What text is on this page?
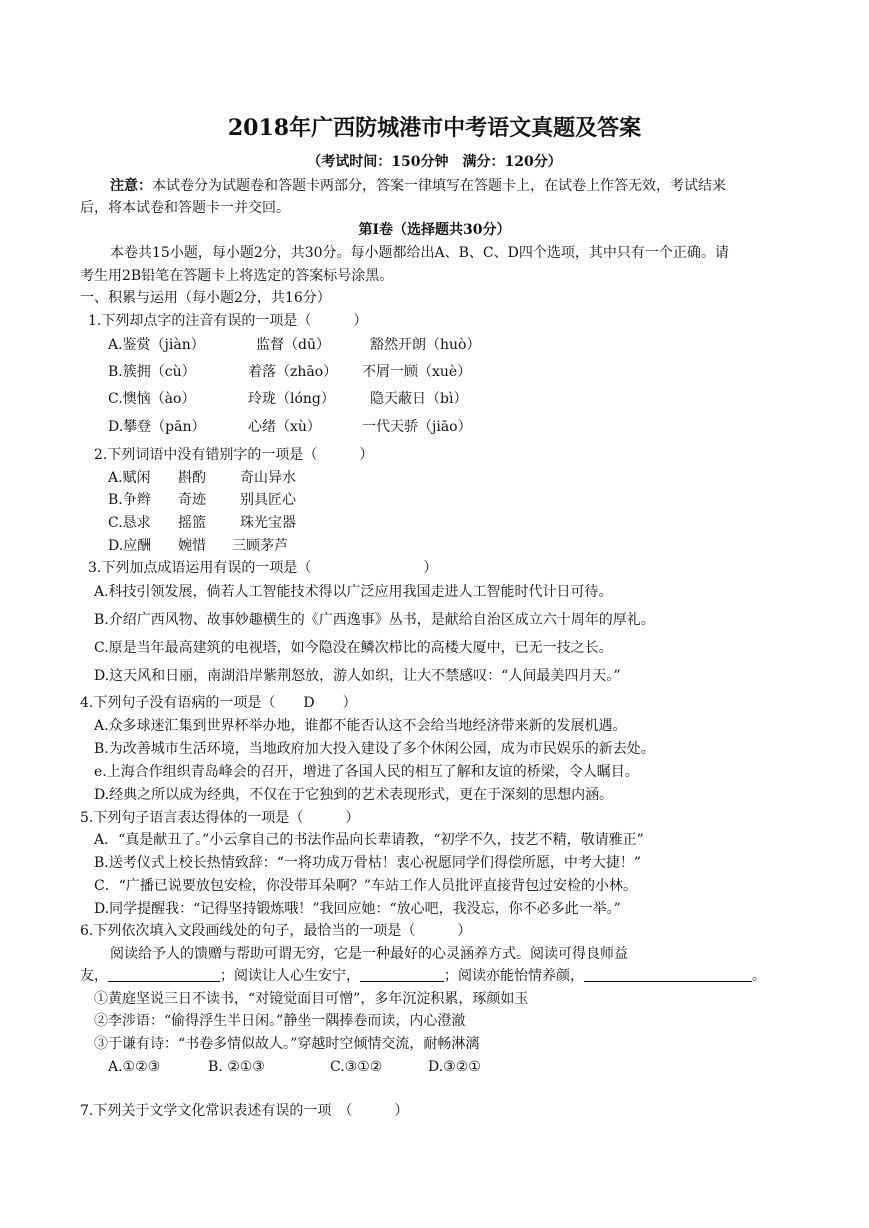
2018年广西防城港市中考语文真题及答案
（考试时间：150分钟　满分：120分）
注意：本试卷分为试题卷和答题卡两部分，答案一律填写在答题卡上，在试卷上作答无效，考试结来
后，将本试卷和答题卡一并交回。
第Ⅰ卷（选择题共30分）
本卷共15小题，每小题2分，共30分。每小题都给出A、B、C、D四个选项，其中只有一个正确。请
考生用2B铅笔在答题卡上将选定的答案标号涂黑。
一、积累与运用（每小题2分，共16分）
1.下列却点字的注音有误的一项是（　　　）
A.鉴赏（jiàn）	监督（dū）	豁然开朗（huò）
B.簇拥（cù）	着落（zhāo） 不屑一顾（xuè）
C.懊恼（ào）	玲珑（lóng）	隐天蔽日（bì）
D.攀登（pān）	心绪（xù）	一代天骄（jiāo）
2.下列词语中没有错别字的一项是（　　　）
A.赋闲 斟酌 奇山异水
B.争辫 奇迹 别具匠心
C.恳求 摇篮 珠光宝器
D.应酬 婉惜 三顾茅芦
3.下列加点成语运用有误的一项是（　　　　　　　　）
A.科技引领发展，倘若人工智能技术得以广泛应用我国走进人工智能时代计日可待。
B.介绍广西风物、故事妙趣横生的《广西逸事》丛书，是献给自治区成立六十周年的厚礼。
C.原是当年最高建筑的电视塔，如今隐没在鳞次栉比的高楼大厦中，已无一技之长。
D.这天风和日丽，南湖沿岸紫荆怒放，游人如织，让大不禁感叹：“人间最美四月天。”
4.下列句子没有语病的一项是（　　D　　）
A.众多球迷汇集到世界杯举办地，谁都不能否认这不会给当地经济带来新的发展机遇。
B.为改善城市生活环境，当地政府加大投入建设了多个休闲公园，成为市民娱乐的新去处。
e.上海合作组织青岛峰会的召开，增进了各国人民的相互了解和友谊的桥梁，令人瞩目。
D.经典之所以成为经典，不仅在于它独到的艺术表现形式，更在于深刻的思想内涵。
5.下列句子语言表达得体的一项是（　　　）
A．“真是献丑了。”小云拿自己的书法作品向长辈请教，“初学不久，技艺不精，敬请雅正”
B.送考仪式上校长热情致辞：“一将功成万骨枯！衷心祝愿同学们得偿所愿，中考大捷！”
C．“广播已说要放包安检，你没带耳朵啊？”车站工作人员批评直接背包过安检的小林。
D.同学提醒我：“记得坚持锻炼哦！”我回应她：“放心吧，我没忘，你不必多此一举。”
6.下列依次填入文段画线处的句子，最恰当的一项是（　　　）
阅读给予人的馈赠与帮助可谓无穷，它是一种最好的心灵涵养方式。阅读可得良师益
友，	；阅读让人心生安宁，	；阅读亦能怡情养颜，	。
①黄庭坚说三日不读书，“对镜觉面目可憎”，多年沉淀积累，琢颜如玉
②李涉语：“偷得浮生半日闲。”静坐一隅捧卷而读，内心澄澈
③于谦有诗：“书卷多情似故人。”穿越时空倾情交流，耐畅淋漓
A.①②③	B. ②①③	C.③①②	D.③②①
7.下列关于文学文化常识表述有误的一项　（　　　）
